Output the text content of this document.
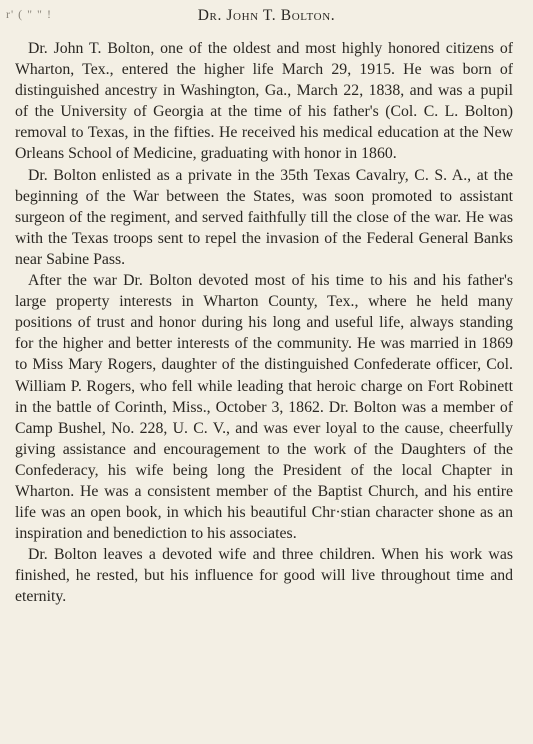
r' ( " " !	Dr. John T. Bolton.

Dr. John T. Bolton, one of the oldest and most highly honored citizens of Wharton, Tex., entered the higher life March 29, 1915. He was born of distinguished ancestry in Washington, Ga., March 22, 1838, and was a pupil of the University of Georgia at the time of his father's (Col. C. L. Bolton) removal to Texas, in the fifties. He received his medical education at the New Orleans School of Medicine, graduating with honor in 1860.

Dr. Bolton enlisted as a private in the 35th Texas Cavalry, C. S. A., at the beginning of the War between the States, was soon promoted to assistant surgeon of the regiment, and served faithfully till the close of the war. He was with the Texas troops sent to repel the invasion of the Federal General Banks near Sabine Pass.

After the war Dr. Bolton devoted most of his time to his and his father's large property interests in Wharton County, Tex., where he held many positions of trust and honor during his long and useful life, always standing for the higher and better interests of the community. He was married in 1869 to Miss Mary Rogers, daughter of the distinguished Confederate officer, Col. William P. Rogers, who fell while leading that heroic charge on Fort Robinett in the battle of Corinth, Miss., October 3, 1862. Dr. Bolton was a member of Camp Bushel, No. 228, U. C. V., and was ever loyal to the cause, cheerfully giving assistance and encouragement to the work of the Daughters of the Confederacy, his wife being long the President of the local Chapter in Wharton. He was a consistent member of the Baptist Church, and his entire life was an open book, in which his beautiful Chr·stian character shone as an inspiration and benediction to his associates.

Dr. Bolton leaves a devoted wife and three children. When his work was finished, he rested, but his influence for good will live throughout time and eternity.
